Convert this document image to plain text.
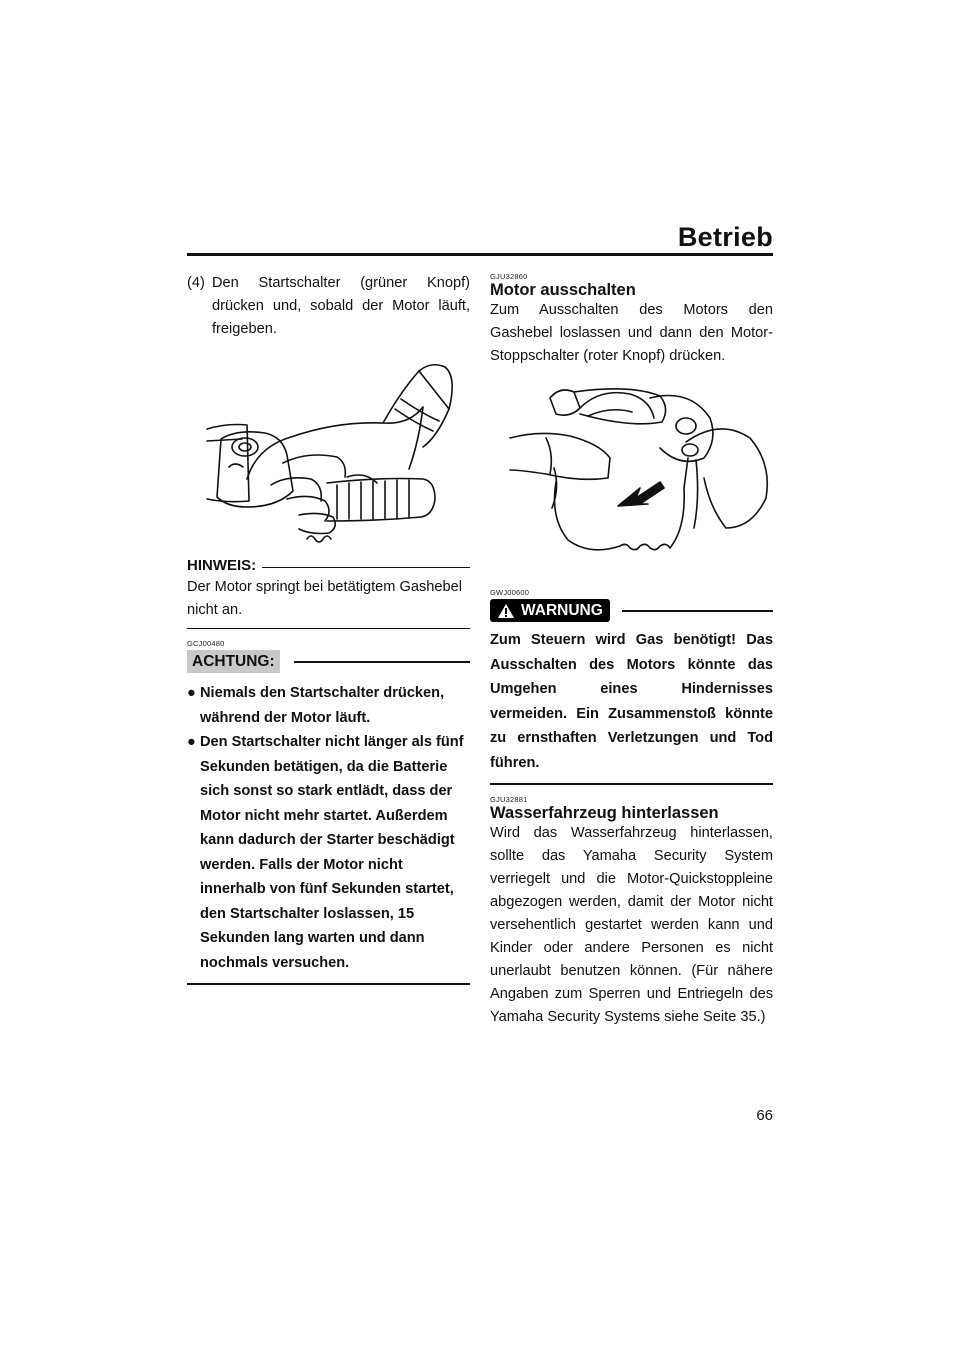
Betrieb
(4) Den Startschalter (grüner Knopf) drücken und, sobald der Motor läuft, freigeben.
HINWEIS:
Der Motor springt bei betätigtem Gashebel nicht an.
GCJ00480
ACHTUNG:
● Niemals den Startschalter drücken, während der Motor läuft.
● Den Startschalter nicht länger als fünf Sekunden betätigen, da die Batterie sich sonst so stark entlädt, dass der Motor nicht mehr startet. Außerdem kann dadurch der Starter beschädigt werden. Falls der Motor nicht innerhalb von fünf Sekunden startet, den Startschalter loslassen, 15 Sekunden lang warten und dann nochmals versuchen.
GJU32860
Motor ausschalten
Zum Ausschalten des Motors den Gashebel loslassen und dann den Motor-Stoppschalter (roter Knopf) drücken.
GWJ00600
WARNUNG
Zum Steuern wird Gas benötigt! Das Ausschalten des Motors könnte das Umgehen eines Hindernisses vermeiden. Ein Zusammenstoß könnte zu ernsthaften Verletzungen und Tod führen.
GJU32881
Wasserfahrzeug hinterlassen
Wird das Wasserfahrzeug hinterlassen, sollte das Yamaha Security System verriegelt und die Motor-Quickstoppleine abgezogen werden, damit der Motor nicht versehentlich gestartet werden kann und Kinder oder andere Personen es nicht unerlaubt benutzen können. (Für nähere Angaben zum Sperren und Entriegeln des Yamaha Security Systems siehe Seite 35.)
66
